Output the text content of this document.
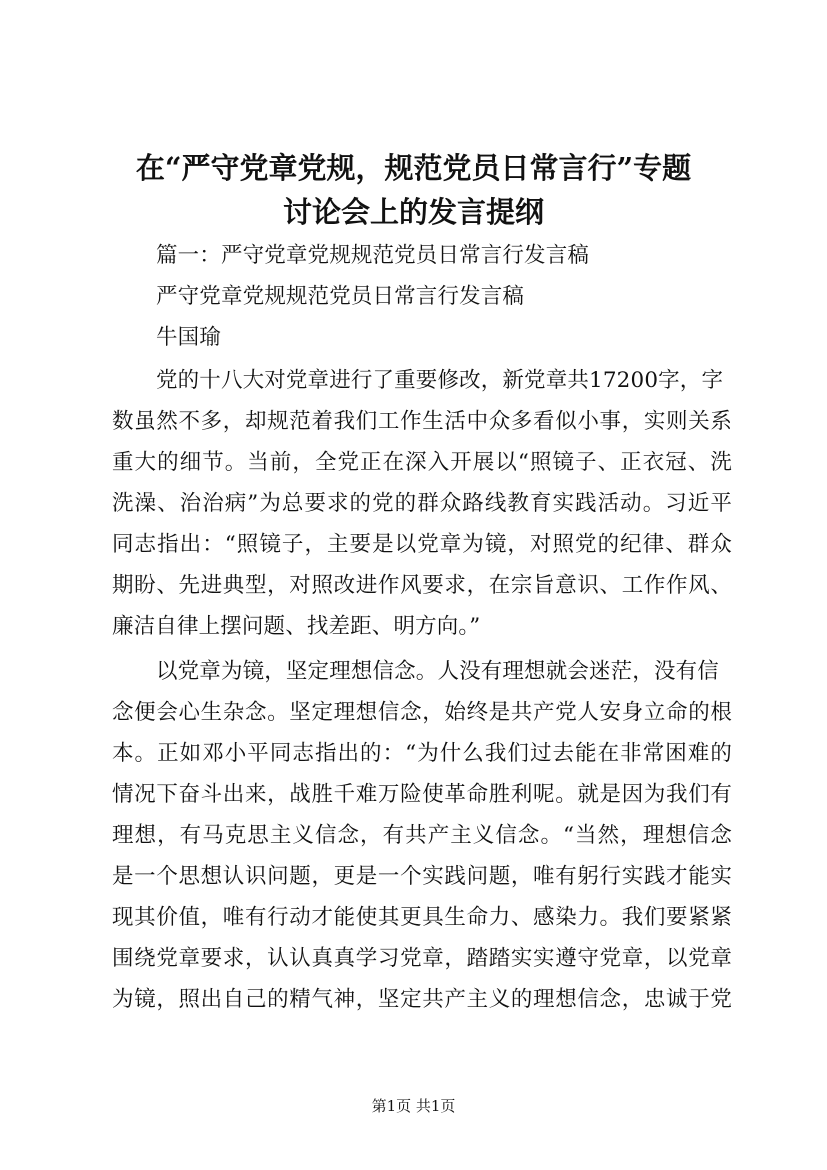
在“严守党章党规，规范党员日常言行”专题
讨论会上的发言提纲
篇一：严守党章党规规范党员日常言行发言稿
严守党章党规规范党员日常言行发言稿
牛国瑜
党的十八大对党章进行了重要修改，新党章共17200字，字
数虽然不多，却规范着我们工作生活中众多看似小事，实则关系
重大的细节。当前，全党正在深入开展以“照镜子、正衣冠、洗
洗澡、治治病”为总要求的党的群众路线教育实践活动。习近平
同志指出：“照镜子，主要是以党章为镜，对照党的纪律、群众
期盼、先进典型，对照改进作风要求，在宗旨意识、工作作风、
廉洁自律上摆问题、找差距、明方向。”
以党章为镜，坚定理想信念。人没有理想就会迷茫，没有信
念便会心生杂念。坚定理想信念，始终是共产党人安身立命的根
本。正如邓小平同志指出的：“为什么我们过去能在非常困难的
情况下奋斗出来，战胜千难万险使革命胜利呢。就是因为我们有
理想，有马克思主义信念，有共产主义信念。“当然，理想信念
是一个思想认识问题，更是一个实践问题，唯有躬行实践才能实
现其价值，唯有行动才能使其更具生命力、感染力。我们要紧紧
围绕党章要求，认认真真学习党章，踏踏实实遵守党章，以党章
为镜，照出自己的精气神，坚定共产主义的理想信念，忠诚于党
第1页 共1页
